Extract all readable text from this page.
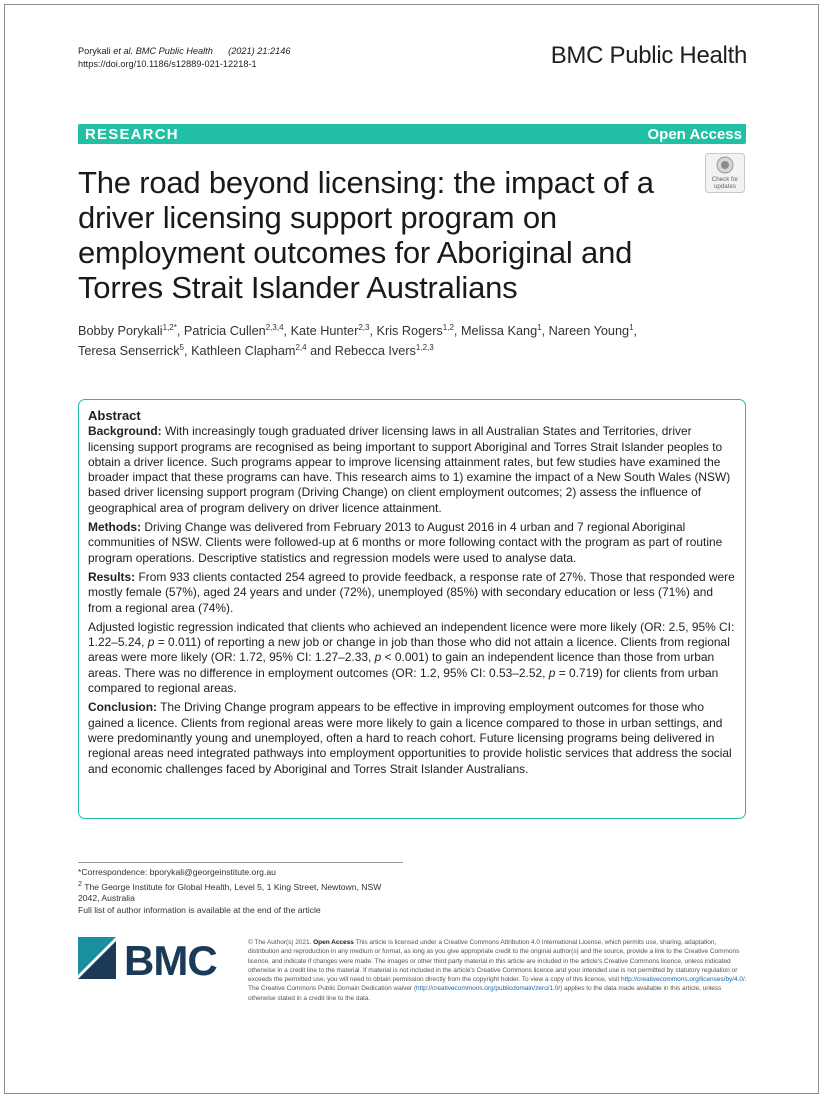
Porykali et al. BMC Public Health (2021) 21:2146
https://doi.org/10.1186/s12889-021-12218-1	BMC Public Health
RESEARCH	Open Access
The road beyond licensing: the impact of a driver licensing support program on employment outcomes for Aboriginal and Torres Strait Islander Australians
Check for
updates
Bobby Porykali$^{1,2*}$, Patricia Cullen$^{2,3,4}$, Kate Hunter$^{2,3}$, Kris Rogers$^{1,2}$, Melissa Kang$^1$, Nareen Young$^1$,
Teresa Senserrick$^5$, Kathleen Clapham$^{2,4}$ and Rebecca Ivers$^{1,2,3}$
Abstract

Background: With increasingly tough graduated driver licensing laws in all Australian States and Territories, driver licensing support programs are recognised as being important to support Aboriginal and Torres Strait Islander peoples to obtain a driver licence. Such programs appear to improve licensing attainment rates, but few studies have examined the broader impact that these programs can have. This research aims to 1) examine the impact of a New South Wales (NSW) based driver licensing support program (Driving Change) on client employment outcomes; 2) assess the influence of geographical area of program delivery on driver licence attainment.

Methods: Driving Change was delivered from February 2013 to August 2016 in 4 urban and 7 regional Aboriginal communities of NSW. Clients were followed-up at 6 months or more following contact with the program as part of routine program operations. Descriptive statistics and regression models were used to analyse data.

Results: From 933 clients contacted 254 agreed to provide feedback, a response rate of 27%. Those that responded were mostly female (57%), aged 24 years and under (72%), unemployed (85%) with secondary education or less (71%) and from a regional area (74%).

Adjusted logistic regression indicated that clients who achieved an independent licence were more likely (OR: 2.5, 95% CI: 1.22–5.24, p = 0.011) of reporting a new job or change in job than those who did not attain a licence. Clients from regional areas were more likely (OR: 1.72, 95% CI: 1.27–2.33, p < 0.001) to gain an independent licence than those from urban areas. There was no difference in employment outcomes (OR: 1.2, 95% CI: 0.53–2.52, p = 0.719) for clients from urban compared to regional areas.

Conclusion: The Driving Change program appears to be effective in improving employment outcomes for those who gained a licence. Clients from regional areas were more likely to gain a licence compared to those in urban settings, and were predominantly young and unemployed, often a hard to reach cohort. Future licensing programs being delivered in regional areas need integrated pathways into employment opportunities to provide holistic services that address the social and economic challenges faced by Aboriginal and Torres Strait Islander Australians.

*Correspondence: bporykali@georgeinstitute.org.au
$^2$ The George Institute for Global Health, Level 5, 1 King Street, Newtown, NSW 2042, Australia
Full list of author information is available at the end of the article
BMC	© The Author(s) 2021. Open Access This article is licensed under a Creative Commons Attribution 4.0 International License, which permits use, sharing, adaptation, distribution and reproduction in any medium or format, as long as you give appropriate credit to the original author(s) and the source, provide a link to the Creative Commons licence, and indicate if changes were made. The images or other third party material in this article are included in the article's Creative Commons licence, unless indicated otherwise in a credit line to the material. If material is not included in the article's Creative Commons licence and your intended use is not permitted by statutory regulation or exceeds the permitted use, you will need to obtain permission directly from the copyright holder. To view a copy of this licence, visit http://creativecommons.org/licenses/by/4.0/. The Creative Commons Public Domain Dedication waiver (http://creativecommons.org/publicdomain/zero/1.0/) applies to the data made available in this article, unless otherwise stated in a credit line to the data.
